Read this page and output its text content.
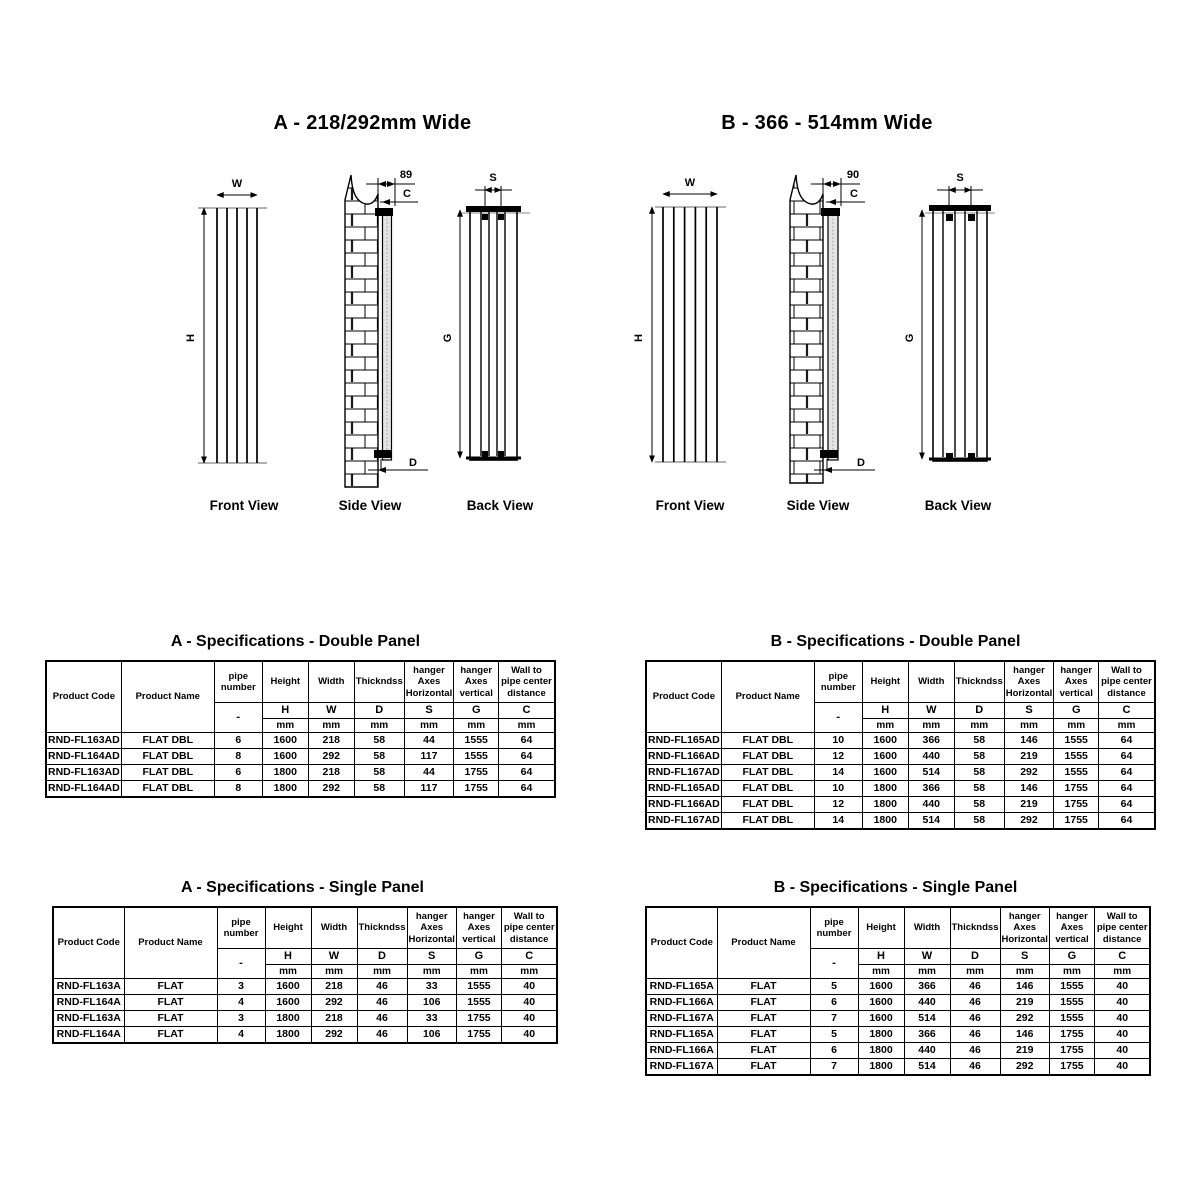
A - 218/292mm Wide	B - 366 - 514mm Wide
W
H
89
C
D
S
G
Front View	Side View	Back View
W
H
90
C
D
S
G
Front View	Side View	Back View
A - Specifications - Double Panel	B - Specifications - Double Panel
A - Specifications - Single Panel	B - Specifications - Single Panel
Product Code	Product Name	pipe number	Height	Width	Thickndss	hanger Axes Horizontal	hanger Axes vertical	Wall to pipe center distance
		-	H	W	D	S	G	C
			mm	mm	mm	mm	mm	mm
RND-FL163AD	FLAT DBL	6	1600	218	58	44	1555	64
RND-FL164AD	FLAT DBL	8	1600	292	58	117	1555	64
RND-FL163AD	FLAT DBL	6	1800	218	58	44	1755	64
RND-FL164AD	FLAT DBL	8	1800	292	58	117	1755	64
Product Code	Product Name	pipe number	Height	Width	Thickndss	hanger Axes Horizontal	hanger Axes vertical	Wall to pipe center distance
		-	H	W	D	S	G	C
			mm	mm	mm	mm	mm	mm
RND-FL165AD	FLAT DBL	10	1600	366	58	146	1555	64
RND-FL166AD	FLAT DBL	12	1600	440	58	219	1555	64
RND-FL167AD	FLAT DBL	14	1600	514	58	292	1555	64
RND-FL165AD	FLAT DBL	10	1800	366	58	146	1755	64
RND-FL166AD	FLAT DBL	12	1800	440	58	219	1755	64
RND-FL167AD	FLAT DBL	14	1800	514	58	292	1755	64
Product Code	Product Name	pipe number	Height	Width	Thickndss	hanger Axes Horizontal	hanger Axes vertical	Wall to pipe center distance
		-	H	W	D	S	G	C
			mm	mm	mm	mm	mm	mm
RND-FL163A	FLAT	3	1600	218	46	33	1555	40
RND-FL164A	FLAT	4	1600	292	46	106	1555	40
RND-FL163A	FLAT	3	1800	218	46	33	1755	40
RND-FL164A	FLAT	4	1800	292	46	106	1755	40
Product Code	Product Name	pipe number	Height	Width	Thickndss	hanger Axes Horizontal	hanger Axes vertical	Wall to pipe center distance
		-	H	W	D	S	G	C
			mm	mm	mm	mm	mm	mm
RND-FL165A	FLAT	5	1600	366	46	146	1555	40
RND-FL166A	FLAT	6	1600	440	46	219	1555	40
RND-FL167A	FLAT	7	1600	514	46	292	1555	40
RND-FL165A	FLAT	5	1800	366	46	146	1755	40
RND-FL166A	FLAT	6	1800	440	46	219	1755	40
RND-FL167A	FLAT	7	1800	514	46	292	1755	40
